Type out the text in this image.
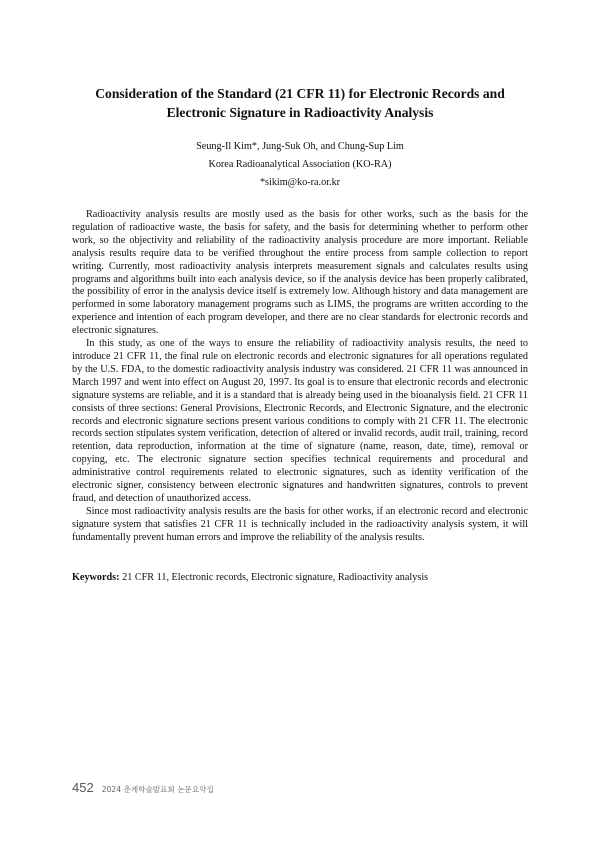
Consideration of the Standard (21 CFR 11) for Electronic Records and
Electronic Signature in Radioactivity Analysis
Seung-Il Kim*, Jung-Suk Oh, and Chung-Sup Lim
Korea Radioanalytical Association (KO-RA)
*sikim@ko-ra.or.kr

Radioactivity analysis results are mostly used as the basis for other works, such as the basis for the regulation of radioactive waste, the basis for safety, and the basis for determining whether to perform other work, so the objectivity and reliability of the radioactivity analysis procedure are more important. Reliable analysis results require data to be verified throughout the entire process from sample collection to report writing. Currently, most radioactivity analysis interprets measurement signals and calculates results using programs and algorithms built into each analysis device, so if the analysis device has been properly calibrated, the possibility of error in the analysis device itself is extremely low. Although history and data management are performed in some laboratory management programs such as LIMS, the programs are written according to the experience and intention of each program developer, and there are no clear standards for electronic records and electronic signatures.

In this study, as one of the ways to ensure the reliability of radioactivity analysis results, the need to introduce 21 CFR 11, the final rule on electronic records and electronic signatures for all operations regulated by the U.S. FDA, to the domestic radioactivity analysis industry was considered. 21 CFR 11 was announced in March 1997 and went into effect on August 20, 1997. Its goal is to ensure that electronic records and electronic signature systems are reliable, and it is a standard that is already being used in the bioanalysis field. 21 CFR 11 consists of three sections: General Provisions, Electronic Records, and Electronic Signature, and the electronic records and electronic signature sections present various conditions to comply with 21 CFR 11. The electronic records section stipulates system verification, detection of altered or invalid records, audit trail, training, record retention, data reproduction, information at the time of signature (name, reason, date, time), removal or copying, etc. The electronic signature section specifies technical requirements and procedural and administrative control requirements related to electronic signatures, such as identity verification of the electronic signer, consistency between electronic signatures and handwritten signatures, controls to prevent fraud, and detection of unauthorized access.

Since most radioactivity analysis results are the basis for other works, if an electronic record and electronic signature system that satisfies 21 CFR 11 is technically included in the radioactivity analysis system, it will fundamentally prevent human errors and improve the reliability of the analysis results.

Keywords: 21 CFR 11, Electronic records, Electronic signature, Radioactivity analysis
452 2024 춘계학술발표회 논문요약집
